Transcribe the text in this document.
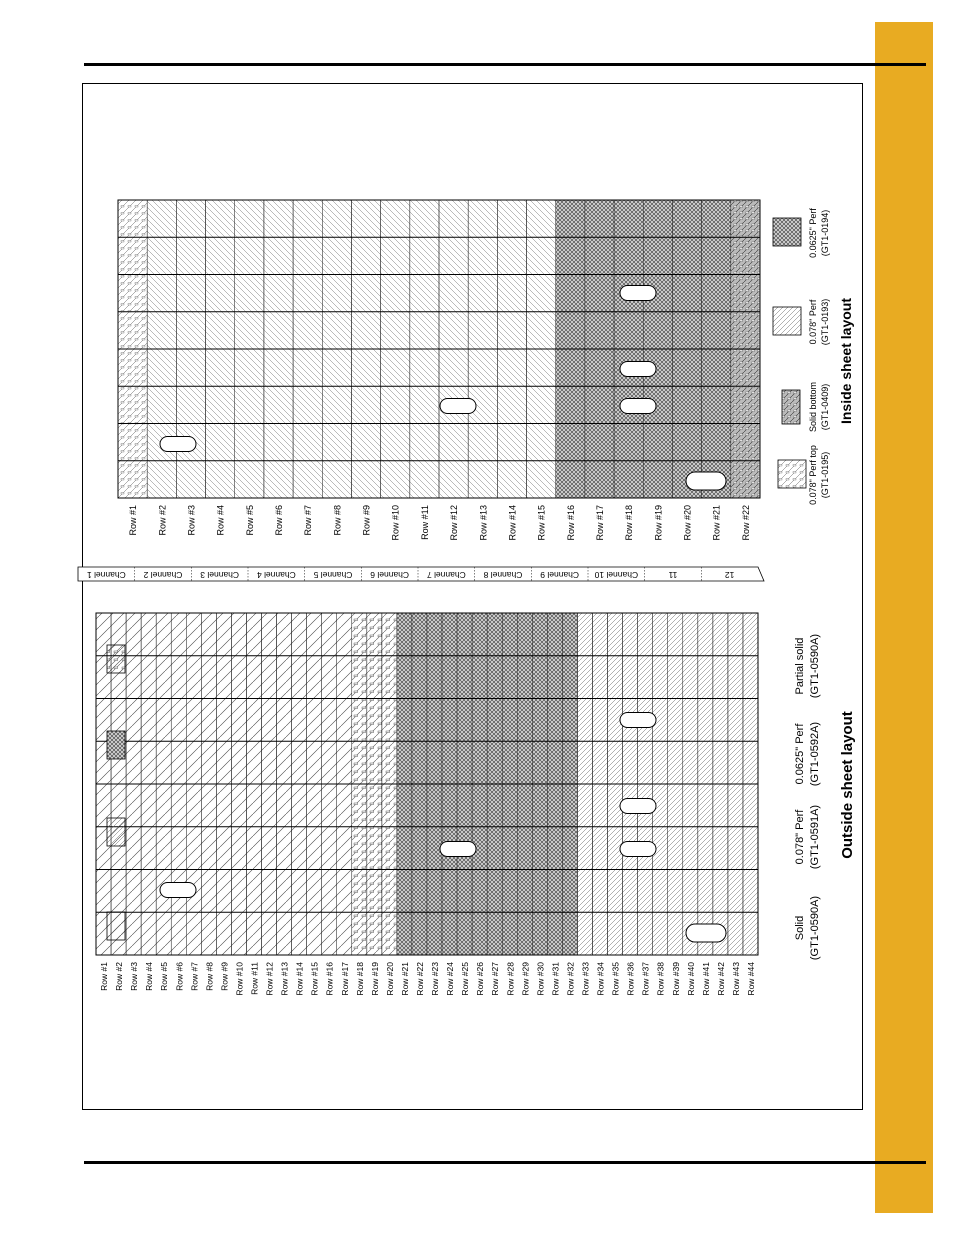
Row #1 Row #2 Row #3 Row #4 Row #5 Row #6 Row #7 Row #8 Row #9 Row #10 Row #11 Row #12 Row #13 Row #14 Row #15 Row #16 Row #17 Row #18 Row #19 Row #20 Row #21 Row #22 Row #23 Row #24 Row #25 Row #26 Row #27 Row #28 Row #29 Row #30 Row #31 Row #32 Row #33 Row #34 Row #35 Row #36 Row #37 Row #38 Row #39 Row #40 Row #41 Row #42 Row #43 Row #44
Solid (GT1-0590A)
0.078" Perf (GT1-0591A)
0.0625" Perf (GT1-0592A)
Partial solid (GT1-0590A)
Outside sheet layout
Channel 1 Channel 2 Channel 3 Channel 4 Channel 5 Channel 6 Channel 7 Channel 8 Channel 9 Channel 10	11	12
Row #1 Row #2 Row #3 Row #4 Row #5 Row #6 Row #7 Row #8 Row #9 Row #10 Row #11 Row #12 Row #13 Row #14 Row #15 Row #16 Row #17 Row #18 Row #19 Row #20 Row #21 Row #22
0.078" Perf top (GT1-0195)
Solid bottom (GT1-0409)
0.078" Perf (GT1-0193)
0.0625" Perf (GT1-0194)
Inside sheet layout
